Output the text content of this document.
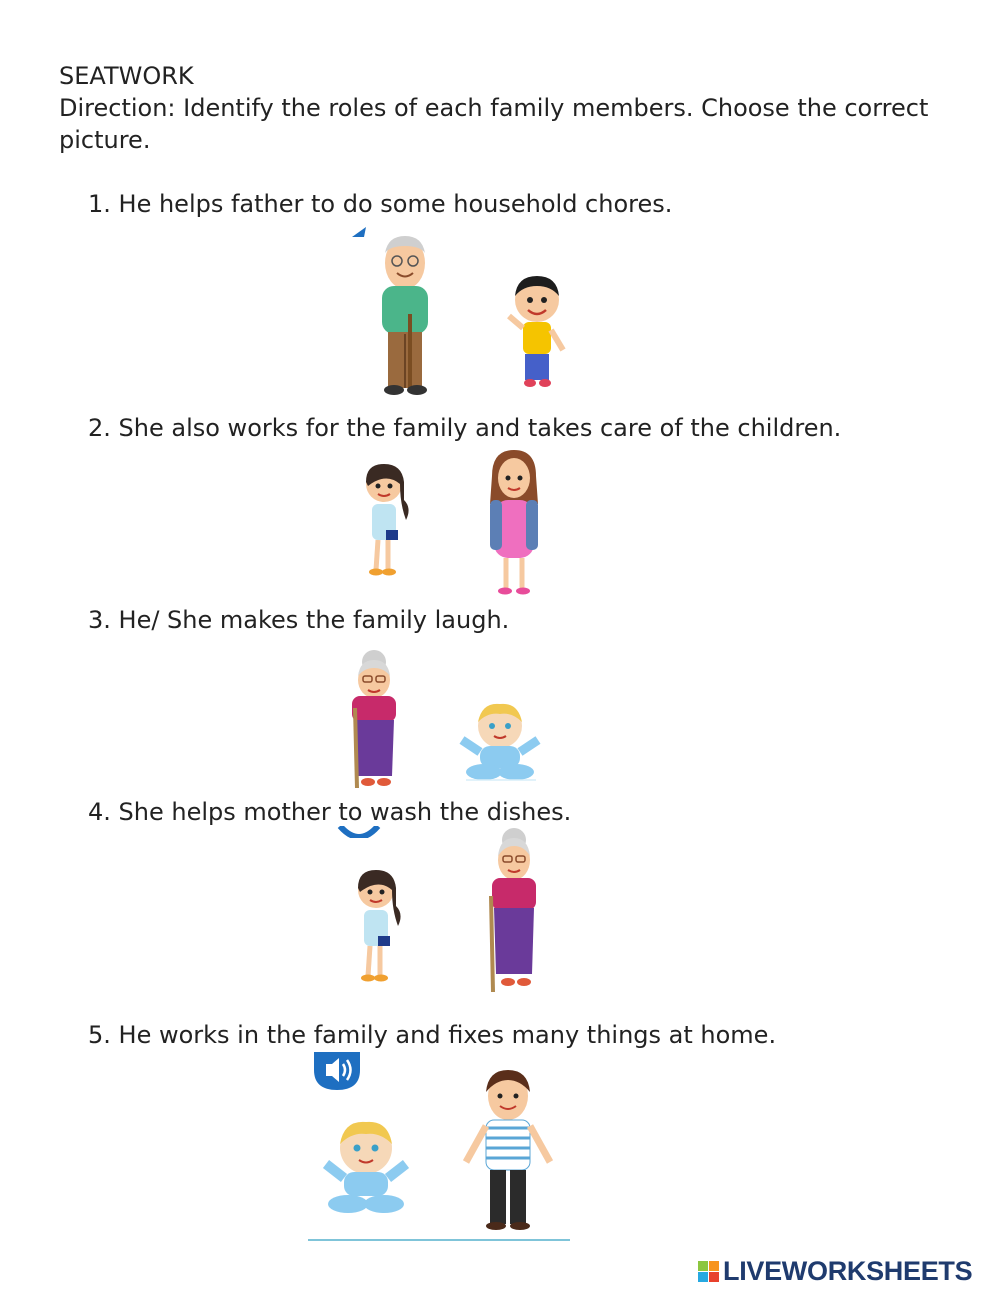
SEATWORK
Direction: Identify the roles of each family members. Choose the correct picture.
1. He helps father to do some household chores.
2. She also works for the family and takes care of the children.
3. He/ She makes the family laugh.
4. She helps mother to wash the dishes.
5. He works in the family and fixes many things at home.
LIVEWORKSHEETS
